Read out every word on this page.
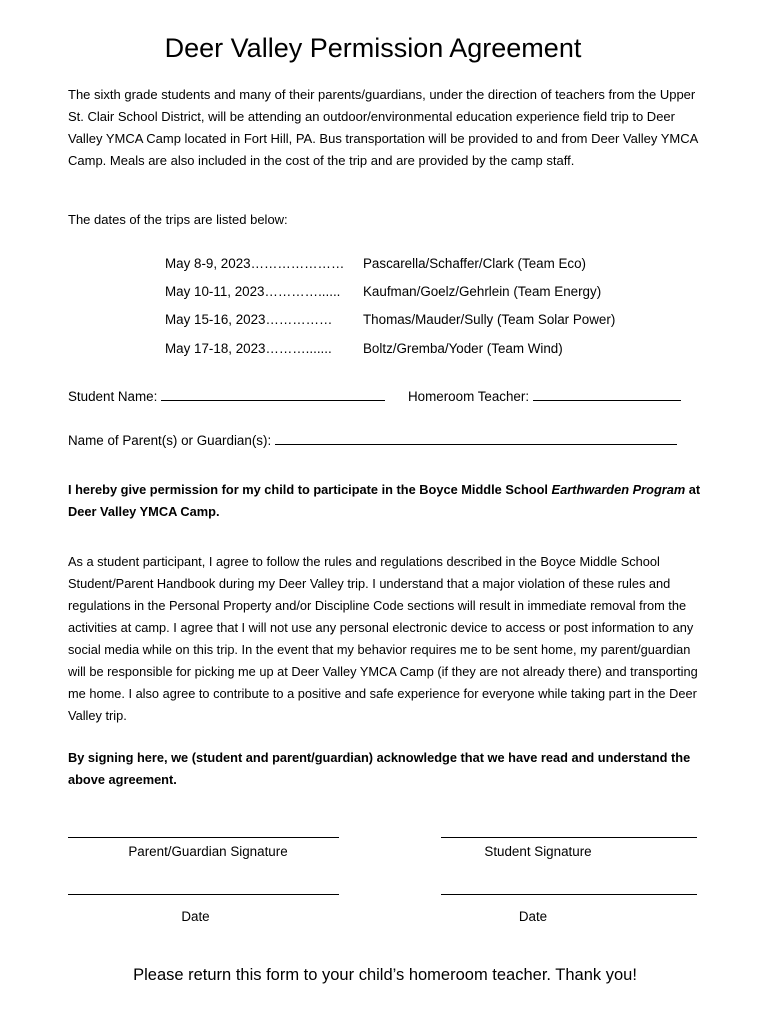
Deer Valley Permission Agreement
The sixth grade students and many of their parents/guardians, under the direction of teachers from the Upper St. Clair School District, will be attending an outdoor/environmental education experience field trip to Deer Valley YMCA Camp located in Fort Hill, PA. Bus transportation will be provided to and from Deer Valley YMCA Camp. Meals are also included in the cost of the trip and are provided by the camp staff.
The dates of the trips are listed below:
May 8-9, 2023………………… Pascarella/Schaffer/Clark (Team Eco)
May 10-11, 2023…………...... Kaufman/Goelz/Gehrlein (Team Energy)
May 15-16, 2023…………… Thomas/Mauder/Sully (Team Solar Power)
May 17-18, 2023………....... Boltz/Gremba/Yoder (Team Wind)
Student Name:	Homeroom Teacher:
Name of Parent(s) or Guardian(s):
I hereby give permission for my child to participate in the Boyce Middle School Earthwarden Program at Deer Valley YMCA Camp.
As a student participant, I agree to follow the rules and regulations described in the Boyce Middle School Student/Parent Handbook during my Deer Valley trip. I understand that a major violation of these rules and regulations in the Personal Property and/or Discipline Code sections will result in immediate removal from the activities at camp. I agree that I will not use any personal electronic device to access or post information to any social media while on this trip. In the event that my behavior requires me to be sent home, my parent/guardian will be responsible for picking me up at Deer Valley YMCA Camp (if they are not already there) and transporting me home. I also agree to contribute to a positive and safe experience for everyone while taking part in the Deer Valley trip.
By signing here, we (student and parent/guardian) acknowledge that we have read and understand the above agreement.
Parent/Guardian Signature	Student Signature
Date	Date
Please return this form to your child’s homeroom teacher. Thank you!
